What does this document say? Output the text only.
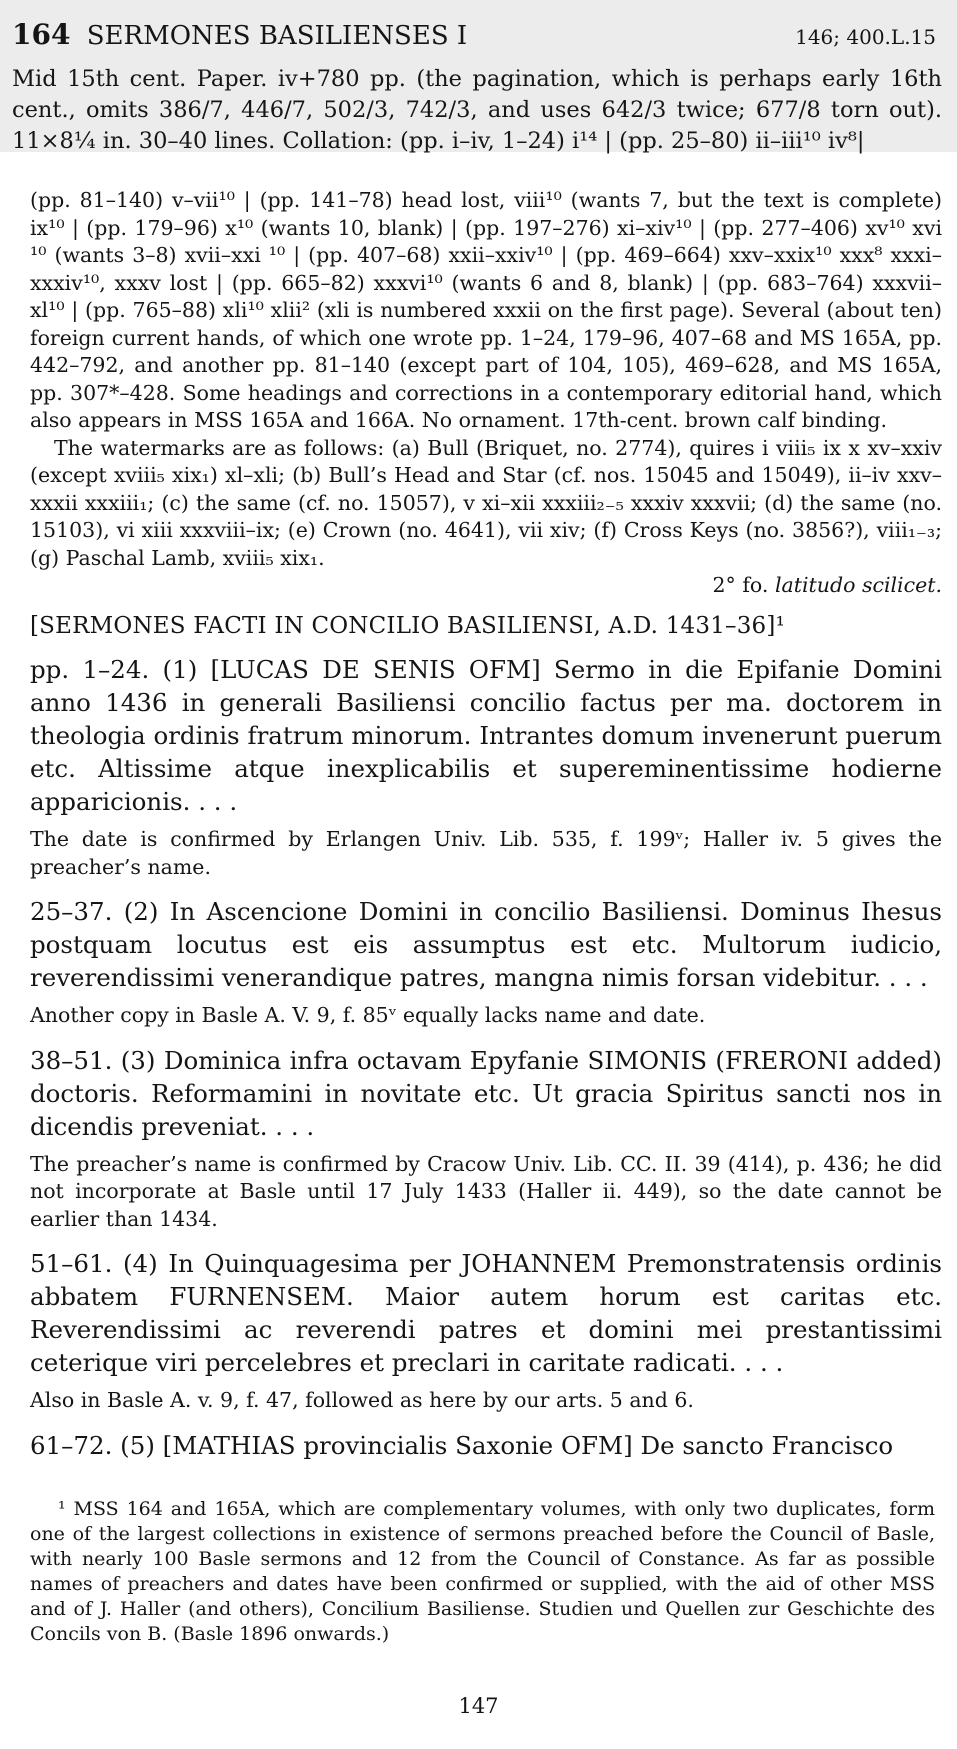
164 SERMONES BASILIENSES I	146; 400.L.15

Mid 15th cent. Paper. iv+780 pp. (the pagination, which is perhaps early 16th cent., omits 386/7, 446/7, 502/3, 742/3, and uses 642/3 twice; 677/8 torn out). 11×8¼ in. 30–40 lines. Collation: (pp. i–iv, 1–24) i¹⁴ | (pp. 25–80) ii–iii¹⁰ iv⁸|

(pp. 81–140) v–vii¹⁰ | (pp. 141–78) head lost, viii¹⁰ (wants 7, but the text is complete) ix¹⁰ | (pp. 179–96) x¹⁰ (wants 10, blank) | (pp. 197–276) xi–xiv¹⁰ | (pp. 277–406) xv¹⁰ xvi ¹⁰ (wants 3–8) xvii–xxi ¹⁰ | (pp. 407–68) xxii–xxiv¹⁰ | (pp. 469–664) xxv–xxix¹⁰ xxx⁸ xxxi–xxxiv¹⁰, xxxv lost | (pp. 665–82) xxxvi¹⁰ (wants 6 and 8, blank) | (pp. 683–764) xxxvii–xl¹⁰ | (pp. 765–88) xli¹⁰ xlii² (xli is numbered xxxii on the first page). Several (about ten) foreign current hands, of which one wrote pp. 1–24, 179–96, 407–68 and MS 165A, pp. 442–792, and another pp. 81–140 (except part of 104, 105), 469–628, and MS 165A, pp. 307*–428. Some headings and corrections in a contemporary editorial hand, which also appears in MSS 165A and 166A. No ornament. 17th-cent. brown calf binding.

The watermarks are as follows: (a) Bull (Briquet, no. 2774), quires i viii₅ ix x xv–xxiv (except xviii₅ xix₁) xl–xli; (b) Bull’s Head and Star (cf. nos. 15045 and 15049), ii–iv xxv–xxxii xxxiii₁; (c) the same (cf. no. 15057), v xi–xii xxxiii₂₋₅ xxxiv xxxvii; (d) the same (no. 15103), vi xiii xxxviii–ix; (e) Crown (no. 4641), vii xiv; (f) Cross Keys (no. 3856?), viii₁₋₃; (g) Paschal Lamb, xviii₅ xix₁.

2° fo. latitudo scilicet.
[SERMONES FACTI IN CONCILIO BASILIENSI, A.D. 1431–36]¹

pp. 1–24. (1) [LUCAS DE SENIS OFM] Sermo in die Epifanie Domini anno 1436 in generali Basiliensi concilio factus per ma. doctorem in theologia ordinis fratrum minorum. Intrantes domum invenerunt puerum etc. Altissime atque inexplicabilis et supereminentissime hodierne apparicionis. . . .

The date is confirmed by Erlangen Univ. Lib. 535, f. 199ᵛ; Haller iv. 5 gives the preacher’s name.

25–37. (2) In Ascencione Domini in concilio Basiliensi. Dominus Ihesus postquam locutus est eis assumptus est etc. Multorum iudicio, reverendissimi venerandique patres, mangna nimis forsan videbitur. . . .

Another copy in Basle A. V. 9, f. 85ᵛ equally lacks name and date.

38–51. (3) Dominica infra octavam Epyfanie SIMONIS (FRERONI added) doctoris. Reformamini in novitate etc. Ut gracia Spiritus sancti nos in dicendis preveniat. . . .

The preacher’s name is confirmed by Cracow Univ. Lib. CC. II. 39 (414), p. 436; he did not incorporate at Basle until 17 July 1433 (Haller ii. 449), so the date cannot be earlier than 1434.

51–61. (4) In Quinquagesima per JOHANNEM Premonstratensis ordinis abbatem FURNENSEM. Maior autem horum est caritas etc. Reverendissimi ac reverendi patres et domini mei prestantissimi ceterique viri percelebres et preclari in caritate radicati. . . .

Also in Basle A. v. 9, f. 47, followed as here by our arts. 5 and 6.

61–72. (5) [MATHIAS provincialis Saxonie OFM] De sancto Francisco

¹ MSS 164 and 165A, which are complementary volumes, with only two duplicates, form one of the largest collections in existence of sermons preached before the Council of Basle, with nearly 100 Basle sermons and 12 from the Council of Constance. As far as possible names of preachers and dates have been confirmed or supplied, with the aid of other MSS and of J. Haller (and others), Concilium Basiliense. Studien und Quellen zur Geschichte des Concils von B. (Basle 1896 onwards.)

147
